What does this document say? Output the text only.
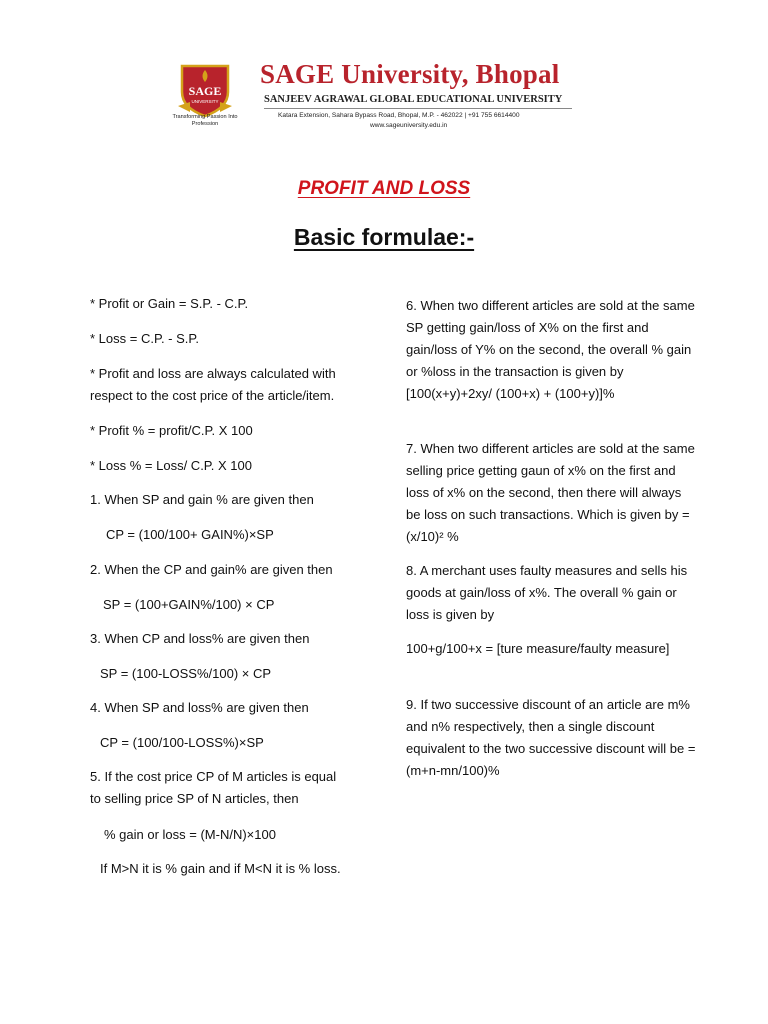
SAGE
UNIVERSITY
Transforming Passion Into Profession
SAGE University, Bhopal
SANJEEV AGRAWAL GLOBAL EDUCATIONAL UNIVERSITY
Katara Extension, Sahara Bypass Road, Bhopal, M.P. - 462022 | +91 755 6614400
www.sageuniversity.edu.in
PROFIT AND LOSS
Basic formulae:-
* Profit or Gain = S.P. - C.P.
* Loss = C.P. - S.P.
* Profit and loss are always calculated with
respect to the cost price of the article/item.
* Profit % = profit/C.P. X 100
* Loss % = Loss/ C.P. X 100
1. When SP and gain % are given then
CP = (100/100+ GAIN%)×SP
2. When the CP and gain% are given then
SP = (100+GAIN%/100) × CP
3. When CP and loss% are given then
SP = (100-LOSS%/100) × CP
4. When SP and loss% are given then
CP = (100/100-LOSS%)×SP
5. If the cost price CP of M articles is equal
to selling price SP of N articles, then
% gain or loss = (M-N/N)×100
If M>N it is % gain and if M<N it is % loss.
6. When two different articles are sold at the same SP getting gain/loss of X% on the first and gain/loss of Y% on the second, the overall % gain or %loss in the transaction is given by
[100(x+y)+2xy/ (100+x) + (100+y)]%
7. When two different articles are sold at the same selling price getting gaun of x% on the first and loss of x% on the second, then there will always be loss on such transactions. Which is given by = (x/10)² %
8. A merchant uses faulty measures and sells his goods at gain/loss of x%. The overall % gain or loss is given by
100+g/100+x = [ture measure/faulty measure]
9. If two successive discount of an article are m% and n% respectively, then a single discount equivalent to the two successive discount will be = (m+n-mn/100)%
